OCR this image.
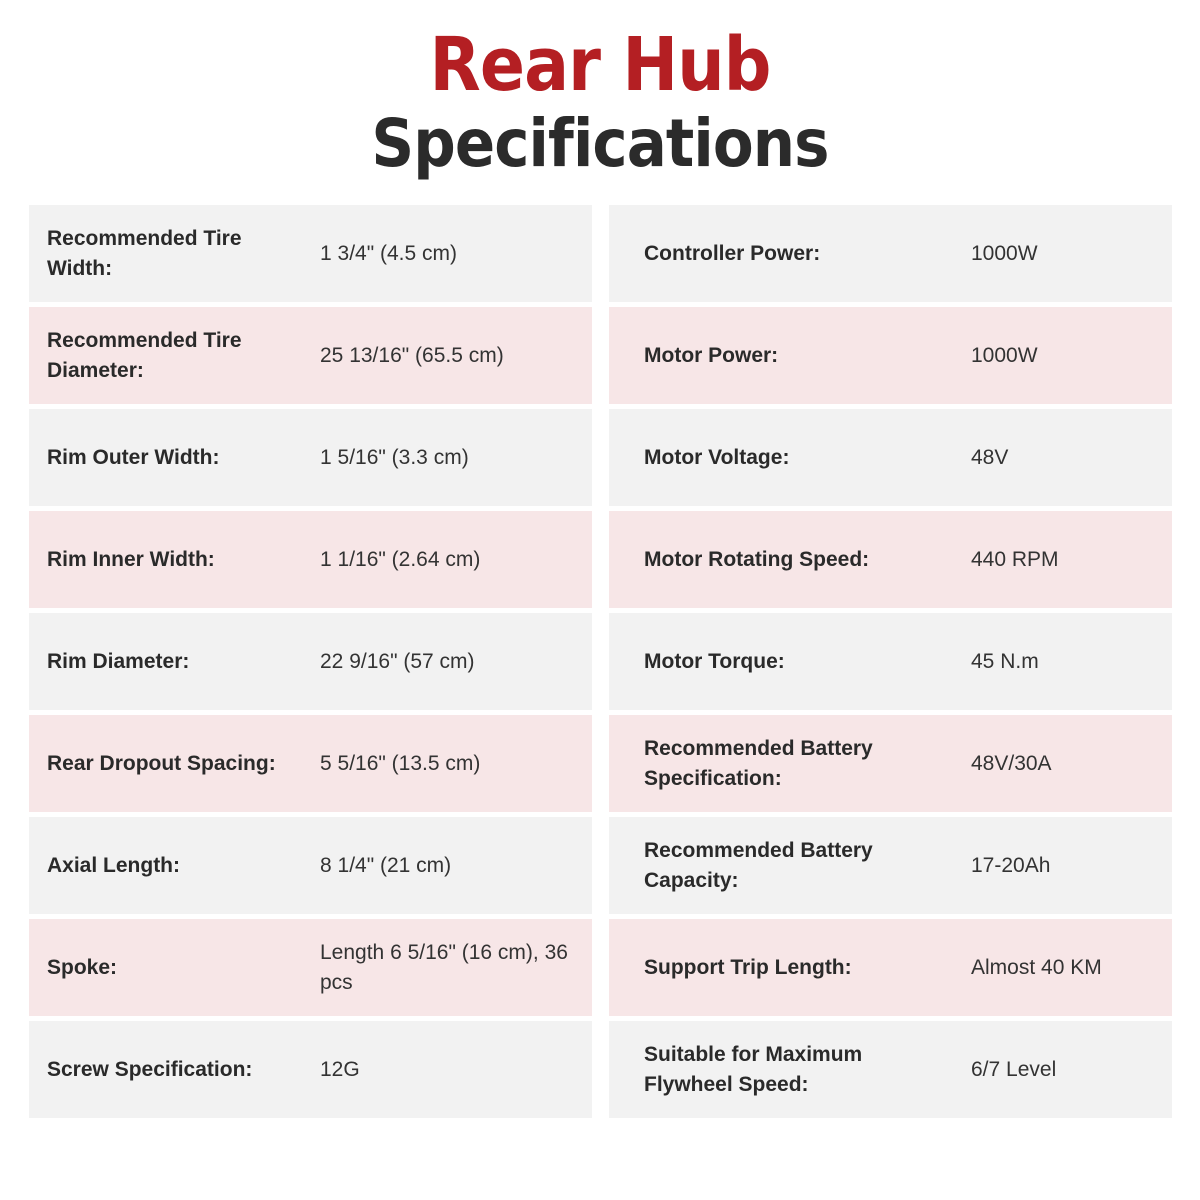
Rear Hub
Specifications
Recommended Tire Width:
1 3/4" (4.5 cm)
Recommended Tire Diameter:
25 13/16" (65.5 cm)
Rim Outer Width:	1 5/16" (3.3 cm)
Rim Inner Width:	1 1/16" (2.64 cm)
Rim Diameter:	22 9/16" (57 cm)
Rear Dropout Spacing:	5 5/16" (13.5 cm)
Axial Length:	8 1/4" (21 cm)
Spoke:
Length 6 5/16" (16 cm), 36 pcs
Screw Specification:	12G
Controller Power:	1000W
Motor Power:	1000W
Motor Voltage:	48V
Motor Rotating Speed:	440 RPM
Motor Torque:	45 N.m
Recommended Battery Specification:
48V/30A
Recommended Battery Capacity:
17-20Ah
Support Trip Length:	Almost 40 KM
Suitable for Maximum Flywheel Speed:
6/7 Level
